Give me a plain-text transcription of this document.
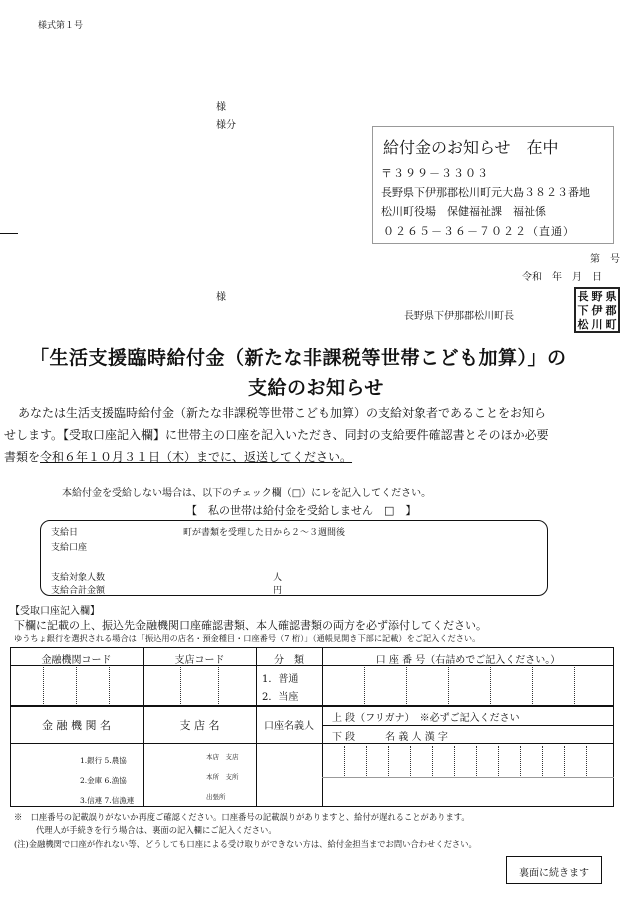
様式第１号
様
様分
様
給付金のお知らせ　在中
〒３９９－３３０３
長野県下伊那郡松川町元大島３８２３番地
松川町役場　保健福祉課　福祉係
０２６５－３６－７０２２（直通）
第　号
令和　年　月　日
長野県下伊那郡松川町長
長 野 県
下 伊 郡
松 川 町
「生活支援臨時給付金（新たな非課税等世帯こども加算）」の
支給のお知らせ
あなたは生活支援臨時給付金（新たな非課税等世帯こども加算）の支給対象者であることをお知ら
せします。【受取口座記入欄】に世帯主の口座を記入いただき、同封の支給要件確認書とそのほか必要
書類を令和６年１０月３１日（木）までに、返送してください。
本給付金を受給しない場合は、以下のチェック欄（□）にレを記入してください。
【　私の世帯は給付金を受給しません　□　】
支給日	町が書類を受理した日から２～３週間後
支給口座
支給対象人数	人
支給合計金額	円
【受取口座記入欄】
下欄に記載の上、振込先金融機関口座確認書類、本人確認書類の両方を必ず添付してください。
ゆうちょ銀行を選択される場合は「振込用の店名・預金種目・口座番号（7 桁）」（通帳見開き下部に記載）をご記入ください。
金融機関コード	支店コード	分　類	口 座 番 号（右詰めでご記入ください。）
1．普通
2．当座
金 融 機 関 名	支 店 名	口座名義人
上 段（フリガナ）　※必ずご記入ください
下 段　　　名 義 人 漢 字
1.銀行 5.農協
2.金庫 6.漁協
3.信連 7.信漁連
本店　支店
本所　支所
出張所
※　口座番号の記載誤りがないか再度ご確認ください。口座番号の記載誤りがありますと、給付が遅れることがあります。
代理人が手続きを行う場合は、裏面の記入欄にご記入ください。
(注)金融機関で口座が作れない等、どうしても口座による受け取りができない方は、給付金担当までお問い合わせください。
裏面に続きます
